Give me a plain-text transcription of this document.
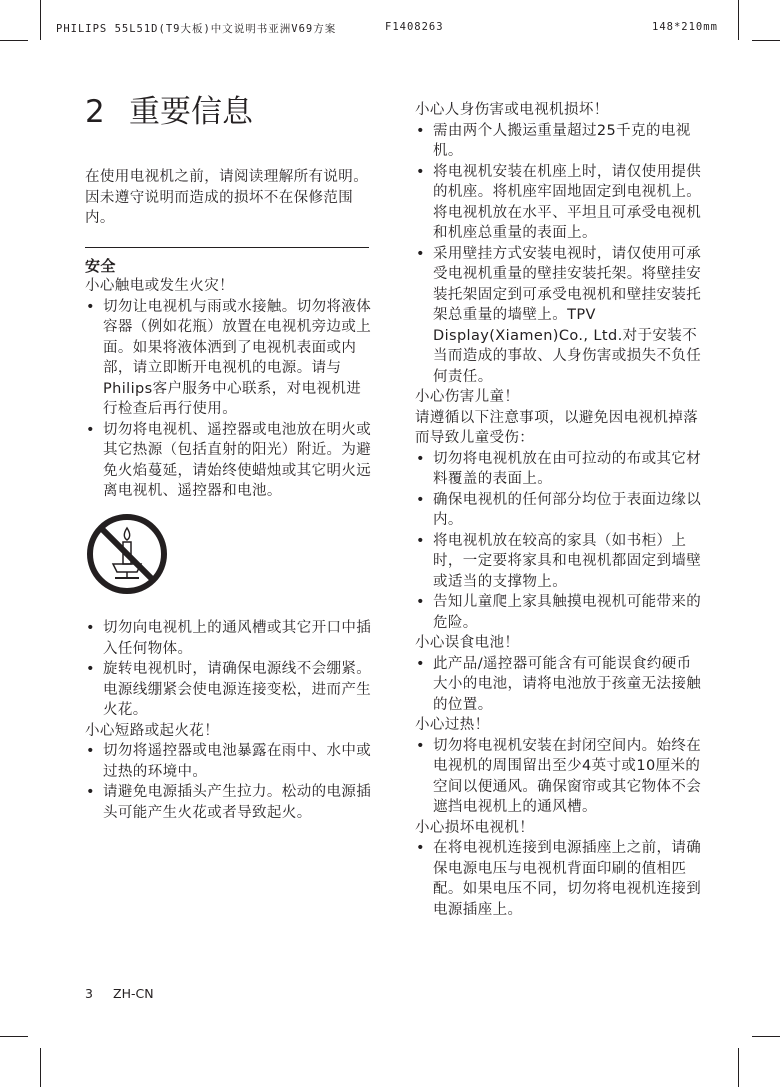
PHILIPS 55L51D(T9大板)中文说明书亚洲V69方案	F1408263	148*210mm
2 重要信息

在使用电视机之前，请阅读理解所有说明。因未遵守说明而造成的损坏不在保修范围内。

安全

小心触电或发生火灾！

• 切勿让电视机与雨或水接触。切勿将液体容器（例如花瓶）放置在电视机旁边或上面。如果将液体洒到了电视机表面或内部，请立即断开电视机的电源。请与Philips客户服务中心联系，对电视机进行检查后再行使用。
• 切勿将电视机、遥控器或电池放在明火或其它热源（包括直射的阳光）附近。为避免火焰蔓延，请始终使蜡烛或其它明火远离电视机、遥控器和电池。
• 切勿向电视机上的通风槽或其它开口中插入任何物体。
• 旋转电视机时，请确保电源线不会绷紧。电源线绷紧会使电源连接变松，进而产生火花。

小心短路或起火花！

• 切勿将遥控器或电池暴露在雨中、水中或过热的环境中。
• 请避免电源插头产生拉力。松动的电源插头可能产生火花或者导致起火。

小心人身伤害或电视机损坏！

• 需由两个人搬运重量超过25千克的电视机。
• 将电视机安装在机座上时，请仅使用提供的机座。将机座牢固地固定到电视机上。将电视机放在水平、平坦且可承受电视机和机座总重量的表面上。
• 采用壁挂方式安装电视时，请仅使用可承受电视机重量的壁挂安装托架。将壁挂安装托架固定到可承受电视机和壁挂安装托架总重量的墙壁上。TPV Display(Xiamen)Co., Ltd.对于安装不当而造成的事故、人身伤害或损失不负任何责任。

小心伤害儿童！

请遵循以下注意事项，以避免因电视机掉落而导致儿童受伤：

• 切勿将电视机放在由可拉动的布或其它材料覆盖的表面上。
• 确保电视机的任何部分均位于表面边缘以内。
• 将电视机放在较高的家具（如书柜）上时，一定要将家具和电视机都固定到墙壁或适当的支撑物上。
• 告知儿童爬上家具触摸电视机可能带来的危险。

小心误食电池！

• 此产品/遥控器可能含有可能误食约硬币大小的电池，请将电池放于孩童无法接触的位置。

小心过热！

• 切勿将电视机安装在封闭空间内。始终在电视机的周围留出至少4英寸或10厘米的空间以便通风。确保窗帘或其它物体不会遮挡电视机上的通风槽。

小心损坏电视机！

• 在将电视机连接到电源插座上之前，请确保电源电压与电视机背面印刷的值相匹配。如果电压不同，切勿将电视机连接到电源插座上。
3 ZH-CN
